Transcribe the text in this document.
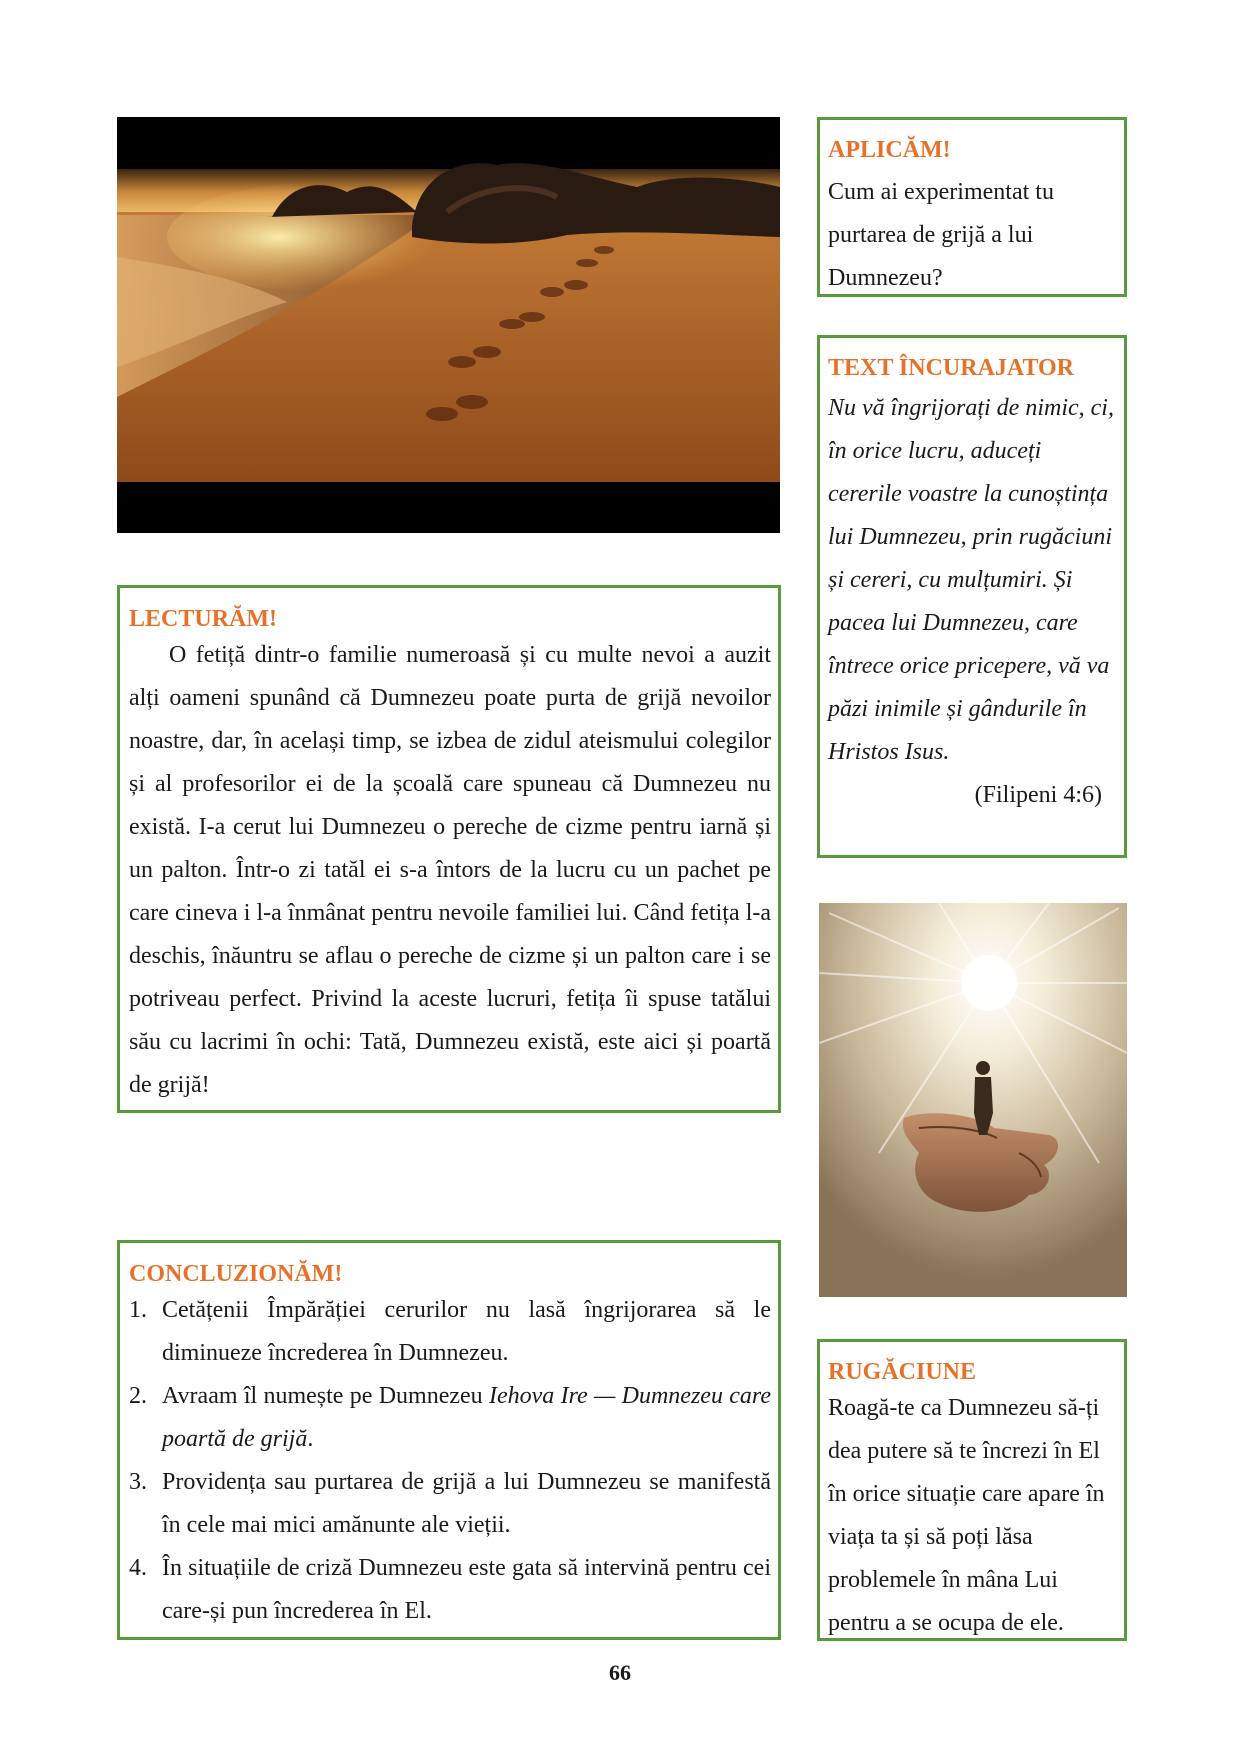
LECTURĂM!

O fetiță dintr-o familie numeroasă și cu multe nevoi a auzit alți oameni spunând că Dumnezeu poate purta de grijă nevoilor noastre, dar, în același timp, se izbea de zidul ateismului colegilor și al profesorilor ei de la școală care spuneau că Dumnezeu nu există. I-a cerut lui Dumnezeu o pereche de cizme pentru iarnă și un palton. Într-o zi tatăl ei s-a întors de la lucru cu un pachet pe care cineva i l-a înmânat pentru nevoile familiei lui. Când fetița l-a deschis, înăuntru se aflau o pereche de cizme și un palton care i se potriveau perfect. Privind la aceste lucruri, fetița îi spuse tatălui său cu lacrimi în ochi: Tată, Dumnezeu există, este aici și poartă de grijă!

CONCLUZIONĂM!
1. Cetățenii Împărăției cerurilor nu lasă îngrijorarea să le diminueze încrederea în Dumnezeu.
2. Avraam îl numește pe Dumnezeu Iehova Ire — Dumnezeu care poartă de grijă.
3. Providența sau purtarea de grijă a lui Dumnezeu se manifestă în cele mai mici amănunte ale vieții.
4. În situațiile de criză Dumnezeu este gata să intervină pentru cei care-și pun încrederea în El.
APLICĂM!
Cum ai experimentat tu purtarea de grijă a lui Dumnezeu?
TEXT ÎNCURAJATOR
Nu vă îngrijorați de nimic, ci, în orice lucru, aduceți cererile voastre la cunoștința lui Dumnezeu, prin rugăciuni și cereri, cu mulțumiri. Și pacea lui Dumnezeu, care întrece orice pricepere, vă va păzi inimile și gândurile în Hristos Isus.
(Filipeni 4:6)
RUGĂCIUNE
Roagă-te ca Dumnezeu să-ți dea putere să te încrezi în El în orice situație care apare în viața ta și să poți lăsa problemele în mâna Lui pentru a se ocupa de ele.
66
